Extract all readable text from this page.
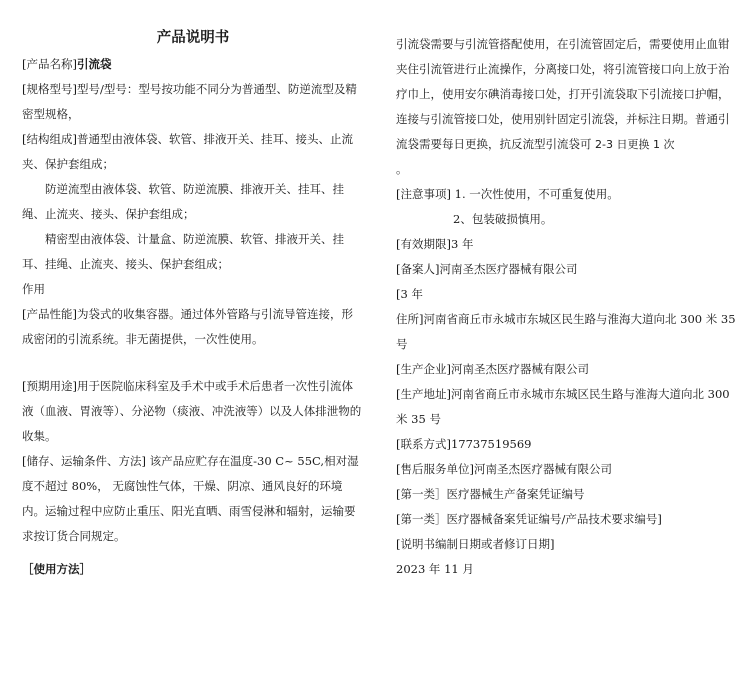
产品说明书

[产品名称]引流袋

[规格型号]型号/型号：型号按功能不同分为普通型、防逆流型及精密型规格，

[结构组成]普通型由液体袋、软管、排液开关、挂耳、接头、止流夹、保护套组成；

防逆流型由液体袋、软管、防逆流膜、排液开关、挂耳、挂绳、止流夹、接头、保护套组成；

精密型由液体袋、计量盒、防逆流膜、软管、排液开关、挂耳、挂绳、止流夹、接头、保护套组成；

作用

[产品性能]为袋式的收集容器。通过体外管路与引流导管连接，形成密闭的引流系统。非无菌提供，一次性使用。

[预期用途]用于医院临床科室及手术中或手术后患者一次性引流体液（血液、胃液等）、分泌物（痰液、冲洗液等）以及人体排泄物的收集。

[储存、运输条件、方法] 该产品应贮存在温度-30 C~ 55C,相对湿度不超过 80%， 无腐蚀性气体，干燥、阴凉、通风良好的环境内。运输过程中应防止重压、阳光直晒、雨雪侵淋和辐射，运输要求按订货合同规定。

［使用方法］

引流袋需要与引流管搭配使用，在引流管固定后，需要使用止血钳夹住引流管进行止流操作，分离接口处，将引流管接口向上放于治疗巾上，使用安尔碘消毒接口处，打开引流袋取下引流接口护帽，连接与引流管接口处，使用别针固定引流袋，并标注日期。普通引流袋需要每日更换，抗反流型引流袋可 2-3 日更换 1 次

。

[注意事项] 1. 一次性使用，不可重复使用。

2、包装破损慎用。

[有效期限]3 年

[备案人]河南圣杰医疗器械有限公司

[3 年

住所]河南省商丘市永城市东城区民生路与淮海大道向北 300 米 35 号

[生产企业]河南圣杰医疗器械有限公司

[生产地址]河南省商丘市永城市东城区民生路与淮海大道向北 300 米 35 号

[联系方式]17737519569

[售后服务单位]河南圣杰医疗器械有限公司

[第一类］医疗器械生产备案凭证编号

[第一类］医疗器械备案凭证编号/产品技术要求编号]

[说明书编制日期或者修订日期]

2023 年 11 月
